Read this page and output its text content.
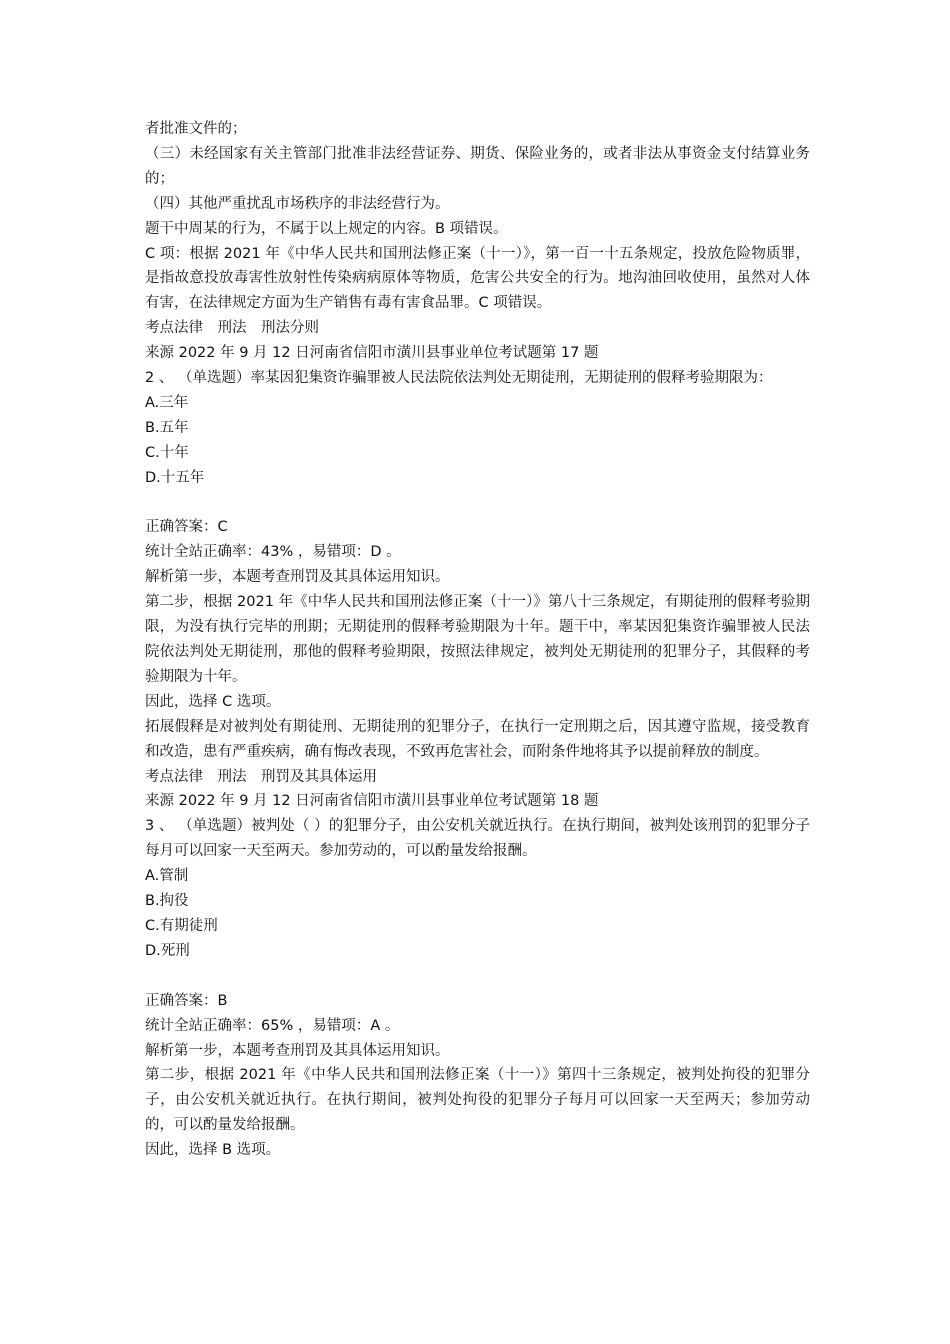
者批准文件的；

（三）未经国家有关主管部门批准非法经营证券、期货、保险业务的，或者非法从事资金支付结算业务的；

（四）其他严重扰乱市场秩序的非法经营行为。

题干中周某的行为，不属于以上规定的内容。B 项错误。

C 项：根据 2021 年《中华人民共和国刑法修正案（十一）》，第一百一十五条规定，投放危险物质罪，是指故意投放毒害性放射性传染病病原体等物质，危害公共安全的行为。地沟油回收使用，虽然对人体有害，在法律规定方面为生产销售有毒有害食品罪。C 项错误。

考点法律　刑法　刑法分则

来源 2022 年 9 月 12 日河南省信阳市潢川县事业单位考试题第 17 题

2 、 （单选题）率某因犯集资诈骗罪被人民法院依法判处无期徒刑，无期徒刑的假释考验期限为：

A.三年

B.五年

C.十年

D.十五年

正确答案：C

统计全站正确率：43% ，易错项：D 。

解析第一步，本题考查刑罚及其具体运用知识。

第二步，根据 2021 年《中华人民共和国刑法修正案（十一）》第八十三条规定，有期徒刑的假释考验期限，为没有执行完毕的刑期；无期徒刑的假释考验期限为十年。题干中，率某因犯集资诈骗罪被人民法院依法判处无期徒刑，那他的假释考验期限，按照法律规定，被判处无期徒刑的犯罪分子，其假释的考验期限为十年。

因此，选择 C 选项。

拓展假释是对被判处有期徒刑、无期徒刑的犯罪分子，在执行一定刑期之后，因其遵守监规，接受教育和改造，患有严重疾病，确有悔改表现，不致再危害社会，而附条件地将其予以提前释放的制度。

考点法律　刑法　刑罚及其具体运用

来源 2022 年 9 月 12 日河南省信阳市潢川县事业单位考试题第 18 题

3 、 （单选题）被判处（ ）的犯罪分子，由公安机关就近执行。在执行期间，被判处该刑罚的犯罪分子每月可以回家一天至两天。参加劳动的，可以酌量发给报酬。

A.管制

B.拘役

C.有期徒刑

D.死刑

正确答案：B

统计全站正确率：65% ，易错项：A 。

解析第一步，本题考查刑罚及其具体运用知识。

第二步，根据 2021 年《中华人民共和国刑法修正案（十一）》第四十三条规定，被判处拘役的犯罪分子，由公安机关就近执行。在执行期间，被判处拘役的犯罪分子每月可以回家一天至两天；参加劳动的，可以酌量发给报酬。

因此，选择 B 选项。
